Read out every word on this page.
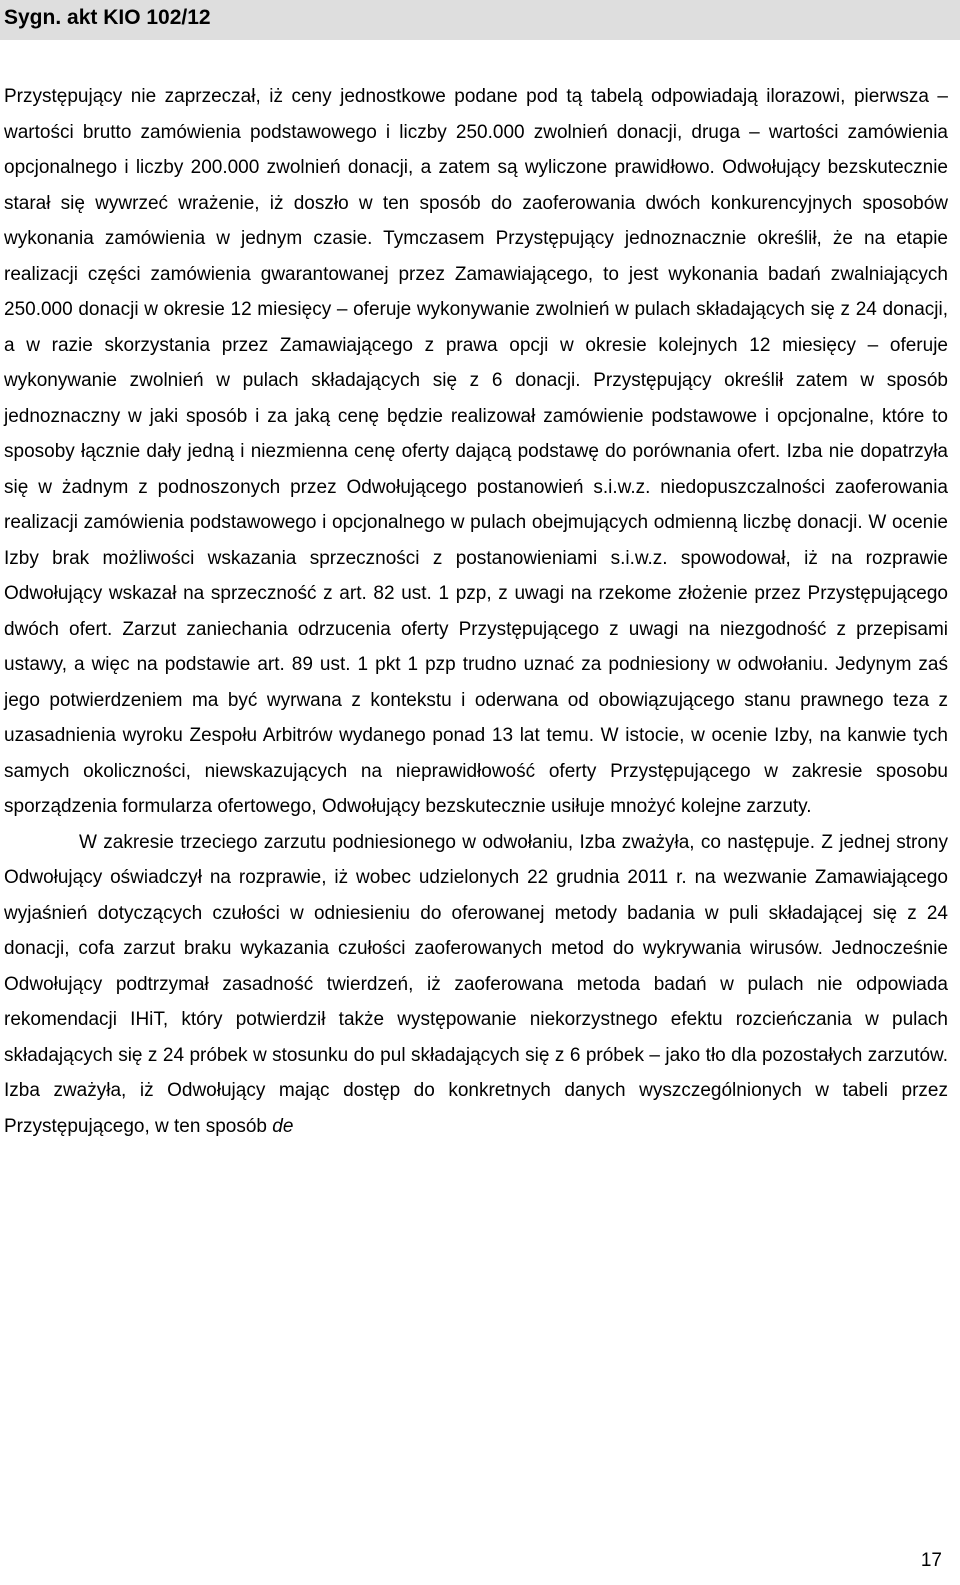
Sygn. akt KIO 102/12

Przystępujący nie zaprzeczał, iż ceny jednostkowe podane pod tą tabelą odpowiadają ilorazowi, pierwsza – wartości brutto zamówienia podstawowego i liczby 250.000 zwolnień donacji, druga – wartości zamówienia opcjonalnego i liczby 200.000 zwolnień donacji, a zatem są wyliczone prawidłowo. Odwołujący bezskutecznie starał się wywrzeć wrażenie, iż doszło w ten sposób do zaoferowania dwóch konkurencyjnych sposobów wykonania zamówienia w jednym czasie. Tymczasem Przystępujący jednoznacznie określił, że na etapie realizacji części zamówienia gwarantowanej przez Zamawiającego, to jest wykonania badań zwalniających 250.000 donacji w okresie 12 miesięcy – oferuje wykonywanie zwolnień w pulach składających się z 24 donacji, a w razie skorzystania przez Zamawiającego z prawa opcji w okresie kolejnych 12 miesięcy – oferuje wykonywanie zwolnień w pulach składających się z 6 donacji. Przystępujący określił zatem w sposób jednoznaczny w jaki sposób i za jaką cenę będzie realizował zamówienie podstawowe i opcjonalne, które to sposoby łącznie dały jedną i niezmienna cenę oferty dającą podstawę do porównania ofert. Izba nie dopatrzyła się w żadnym z podnoszonych przez Odwołującego postanowień s.i.w.z. niedopuszczalności zaoferowania realizacji zamówienia podstawowego i opcjonalnego w pulach obejmujących odmienną liczbę donacji. W ocenie Izby brak możliwości wskazania sprzeczności z postanowieniami s.i.w.z. spowodował, iż na rozprawie Odwołujący wskazał na sprzeczność z art. 82 ust. 1 pzp, z uwagi na rzekome złożenie przez Przystępującego dwóch ofert. Zarzut zaniechania odrzucenia oferty Przystępującego z uwagi na niezgodność z przepisami ustawy, a więc na podstawie art. 89 ust. 1 pkt 1 pzp trudno uznać za podniesiony w odwołaniu. Jedynym zaś jego potwierdzeniem ma być wyrwana z kontekstu i oderwana od obowiązującego stanu prawnego teza z uzasadnienia wyroku Zespołu Arbitrów wydanego ponad 13 lat temu. W istocie, w ocenie Izby, na kanwie tych samych okoliczności, niewskazujących na nieprawidłowość oferty Przystępującego w zakresie sposobu sporządzenia formularza ofertowego, Odwołujący bezskutecznie usiłuje mnożyć kolejne zarzuty.

W zakresie trzeciego zarzutu podniesionego w odwołaniu, Izba zważyła, co następuje. Z jednej strony Odwołujący oświadczył na rozprawie, iż wobec udzielonych 22 grudnia 2011 r. na wezwanie Zamawiającego wyjaśnień dotyczących czułości w odniesieniu do oferowanej metody badania w puli składającej się z 24 donacji, cofa zarzut braku wykazania czułości zaoferowanych metod do wykrywania wirusów. Jednocześnie Odwołujący podtrzymał zasadność twierdzeń, iż zaoferowana metoda badań w pulach nie odpowiada rekomendacji IHiT, który potwierdził także występowanie niekorzystnego efektu rozcieńczania w pulach składających się z 24 próbek w stosunku do pul składających się z 6 próbek – jako tło dla pozostałych zarzutów. Izba zważyła, iż Odwołujący mając dostęp do konkretnych danych wyszczególnionych w tabeli przez Przystępującego, w ten sposób de

17
